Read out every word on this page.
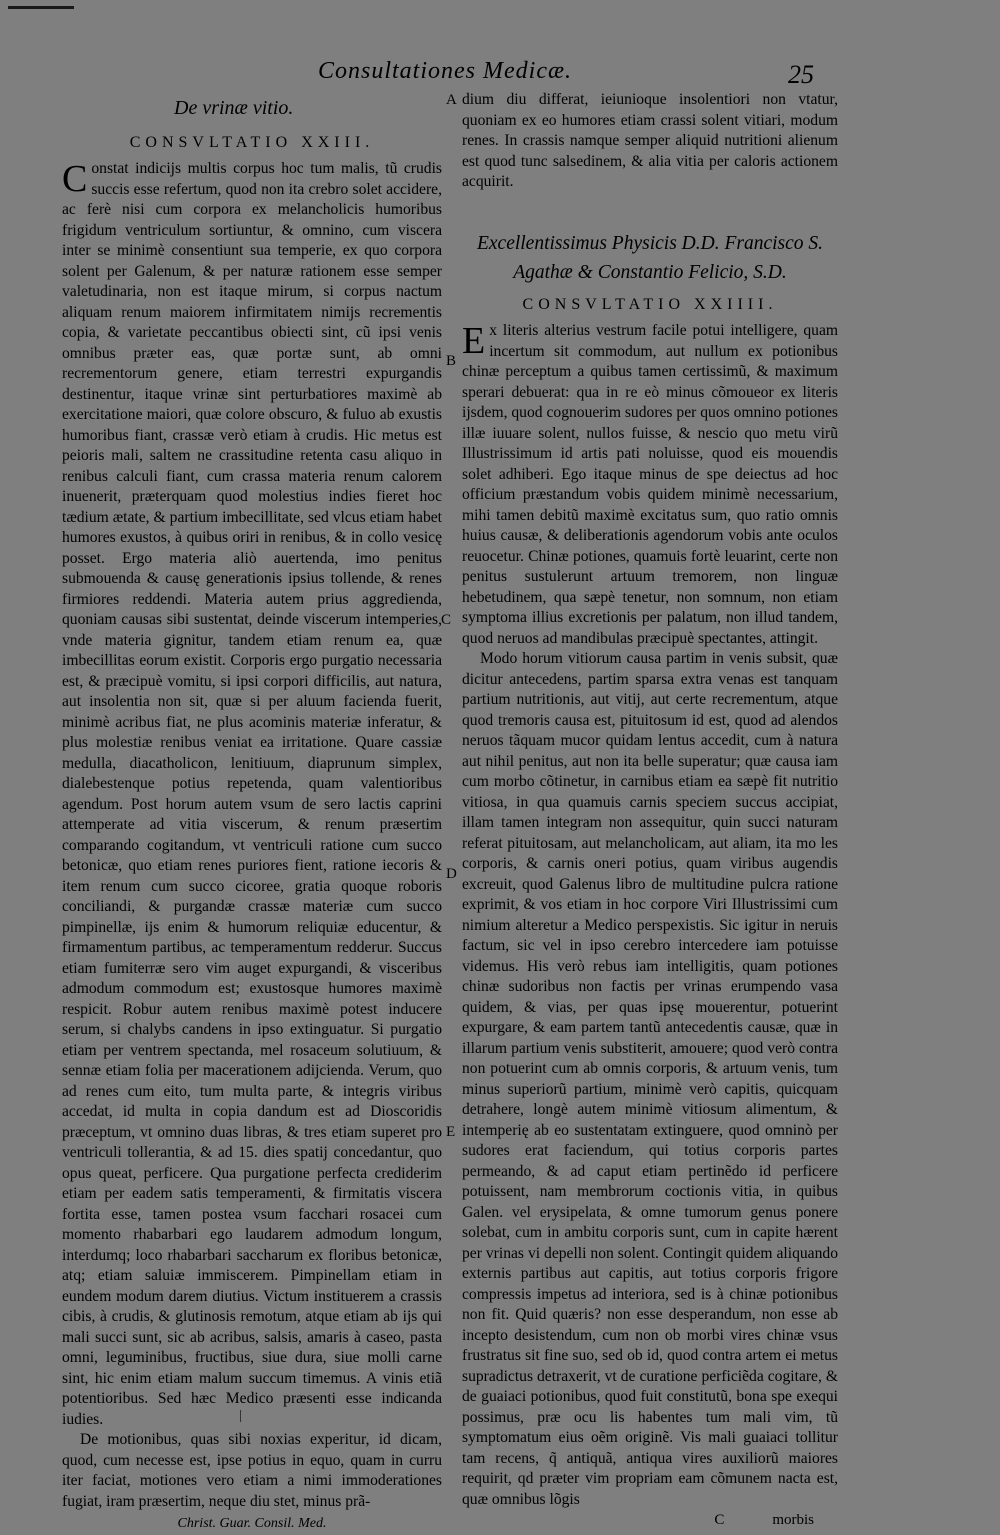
Consultationes Medicæ.	25
A
B
C
D
E
De vrinæ vitio.
CONSVLTATIO XXIII.

Constat indicijs multis corpus hoc tum malis, tũ crudis succis esse refertum, quod non ita crebro solet accidere, ac ferè nisi cum corpora ex melancholicis humoribus frigidum ventriculum sortiuntur, & omnino, cum viscera inter se minimè consentiunt sua temperie, ex quo corpora solent per Galenum, & per naturæ rationem esse semper valetudinaria, non est itaque mirum, si corpus nactum aliquam renum maiorem infirmitatem nimijs recrementis copia, & varietate peccantibus obiecti sint, cũ ipsi venis omnibus præter eas, quæ portæ sunt, ab omni recrementorum genere, etiam terrestri expurgandis destinentur, itaque vrinæ sint perturbatiores maximè ab exercitatione maiori, quæ colore obscuro, & fuluo ab exustis humoribus fiant, crassæ verò etiam à crudis. Hic metus est peioris mali, saltem ne crassitudine retenta casu aliquo in renibus calculi fiant, cum crassa materia renum calorem inuenerit, præterquam quod molestius indies fieret hoc tædium ætate, & partium imbecillitate, sed vlcus etiam habet humores exustos, à quibus oriri in renibus, & in collo vesicę posset. Ergo materia aliò auertenda, imo penitus submouenda & causę generationis ipsius tollende, & renes firmiores reddendi. Materia autem prius aggredienda, quoniam causas sibi sustentat, deinde viscerum intemperies, vnde materia gignitur, tandem etiam renum ea, quæ imbecillitas eorum existit. Corporis ergo purgatio necessaria est, & præcipuè vomitu, si ipsi corpori difficilis, aut natura, aut insolentia non sit, quæ si per aluum facienda fuerit, minimè acribus fiat, ne plus acominis materiæ inferatur, & plus molestiæ renibus veniat ea irritatione. Quare cassiæ medulla, diacatholicon, lenitiuum, diaprunum simplex, dialebestenque potius repetenda, quam valentioribus agendum. Post horum autem vsum de sero lactis caprini attemperate ad vitia viscerum, & renum præsertim comparando cogitandum, vt ventriculi ratione cum succo betonicæ, quo etiam renes puriores fient, ratione iecoris & item renum cum succo cicoree, gratia quoque roboris conciliandi, & purgandæ crassæ materiæ cum succo pimpinellæ, ijs enim & humorum reliquiæ educentur, & firmamentum partibus, ac temperamentum redderur. Succus etiam fumiterræ sero vim auget expurgandi, & visceribus admodum commodum est; exustosque humores maximè respicit. Robur autem renibus maximè potest inducere serum, si chalybs candens in ipso extinguatur. Si purgatio etiam per ventrem spectanda, mel rosaceum solutiuum, & sennæ etiam folia per macerationem adijcienda. Verum, quo ad renes cum eito, tum multa parte, & integris viribus accedat, id multa in copia dandum est ad Dioscoridis præceptum, vt omnino duas libras, & tres etiam superet pro ventriculi tollerantia, & ad 15. dies spatij concedantur, quo opus queat, perficere. Qua purgatione perfecta crediderim etiam per eadem satis temperamenti, & firmitatis viscera fortita esse, tamen postea vsum facchari rosacei cum momento rhabarbari ego laudarem admodum longum, interdumq; loco rhabarbari saccharum ex floribus betonicæ, atq; etiam saluiæ immiscerem. Pimpinellam etiam in eundem modum darem diutius. Victum instituerem a crassis cibis, à crudis, & glutinosis remotum, atque etiam ab ijs qui mali succi sunt, sic ab acribus, salsis, amaris à caseo, pasta omni, leguminibus, fructibus, siue dura, siue molli carne sint, hic enim etiam malum succum timemus. A vinis etiã potentioribus. Sed hæc Medico præsenti esse indicanda iudies.

De motionibus, quas sibi noxias experitur, id dicam, quod, cum necesse est, ipse potius in equo, quam in curru iter faciat, motiones vero etiam a nimi immoderationes fugiat, iram præsertim, neque diu stet, minus prã-

Christ. Guar. Consil. Med.

dium diu differat, ieiunioque insolentiori non vtatur, quoniam ex eo humores etiam crassi solent vitiari, modum renes. In crassis namque semper aliquid nutritioni alienum est quod tunc salsedinem, & alia vitia per caloris actionem acquirit.

Excellentissimus Physicis D.D. Francisco S.
Agathæ & Constantio Felicio, S.D.
CONSVLTATIO XXIIII.

Ex literis alterius vestrum facile potui intelligere, quam incertum sit commodum, aut nullum ex potionibus chinæ perceptum a quibus tamen certissimũ, & maximum sperari debuerat: qua in re eò minus cõmoueor ex literis ijsdem, quod cognouerim sudores per quos omnino potiones illæ iuuare solent, nullos fuisse, & nescio quo metu virũ Illustrissimum id artis pati noluisse, quod eis mouendis solet adhiberi. Ego itaque minus de spe deiectus ad hoc officium præstandum vobis quidem minimè necessarium, mihi tamen debitũ maximè excitatus sum, quo ratio omnis huius causæ, & deliberationis agendorum vobis ante oculos reuocetur. Chinæ potiones, quamuis fortè leuarint, certe non penitus sustulerunt artuum tremorem, non linguæ hebetudinem, qua sæpè tenetur, non somnum, non etiam symptoma illius excretionis per palatum, non illud tandem, quod neruos ad mandibulas præcipuè spectantes, attingit.

Modo horum vitiorum causa partim in venis subsit, quæ dicitur antecedens, partim sparsa extra venas est tanquam partium nutritionis, aut vitij, aut certe recrementum, atque quod tremoris causa est, pituitosum id est, quod ad alendos neruos tãquam mucor quidam lentus accedit, cum à natura aut nihil penitus, aut non ita belle superatur; quæ causa iam cum morbo cõtinetur, in carnibus etiam ea sæpè fit nutritio vitiosa, in qua quamuis carnis speciem succus accipiat, illam tamen integram non assequitur, quin succi naturam referat pituitosam, aut melancholicam, aut aliam, ita mo les corporis, & carnis oneri potius, quam viribus augendis excreuit, quod Galenus libro de multitudine pulcra ratione exprimit, & vos etiam in hoc corpore Viri Illustrissimi cum nimium alteretur a Medico perspexistis. Sic igitur in neruis factum, sic vel in ipso cerebro intercedere iam potuisse videmus. His verò rebus iam intelligitis, quam potiones chinæ sudoribus non factis per vrinas erumpendo vasa quidem, & vias, per quas ipsę mouerentur, potuerint expurgare, & eam partem tantũ antecedentis causæ, quæ in illarum partium venis substiterit, amouere; quod verò contra non potuerint cum ab omnis corporis, & artuum venis, tum minus superiorũ partium, minimè verò capitis, quicquam detrahere, longè autem minimè vitiosum alimentum, & intemperię ab eo sustentatam extinguere, quod omninò per sudores erat faciendum, qui totius corporis partes permeando, & ad caput etiam pertinẽdo id perficere potuissent, nam membrorum coctionis vitia, in quibus Galen. vel erysipelata, & omne tumorum genus ponere solebat, cum in ambitu corporis sunt, cum in capite hærent per vrinas vi depelli non solent. Contingit quidem aliquando externis partibus aut capitis, aut totius corporis frigore compressis impetus ad interiora, sed is à chinæ potionibus non fit. Quid quæris? non esse desperandum, non esse ab incepto desistendum, cum non ob morbi vires chinæ vsus frustratus sit fine suo, sed ob id, quod contra artem ei metus supradictus detraxerit, vt de curatione perficiẽda cogitare, & de guaiaci potionibus, quod fuit constitutũ, bona spe exequi possimus, præ ocu lis habentes tum mali vim, tũ symptomatum eius oẽm originẽ. Vis mali guaiaci tollitur tam recens, q̃ antiquã, antiqua vires auxiliorũ maiores requirit, qd præter vim propriam eam cõmunem nacta est, quæ omnibus lõgis

C	morbis
